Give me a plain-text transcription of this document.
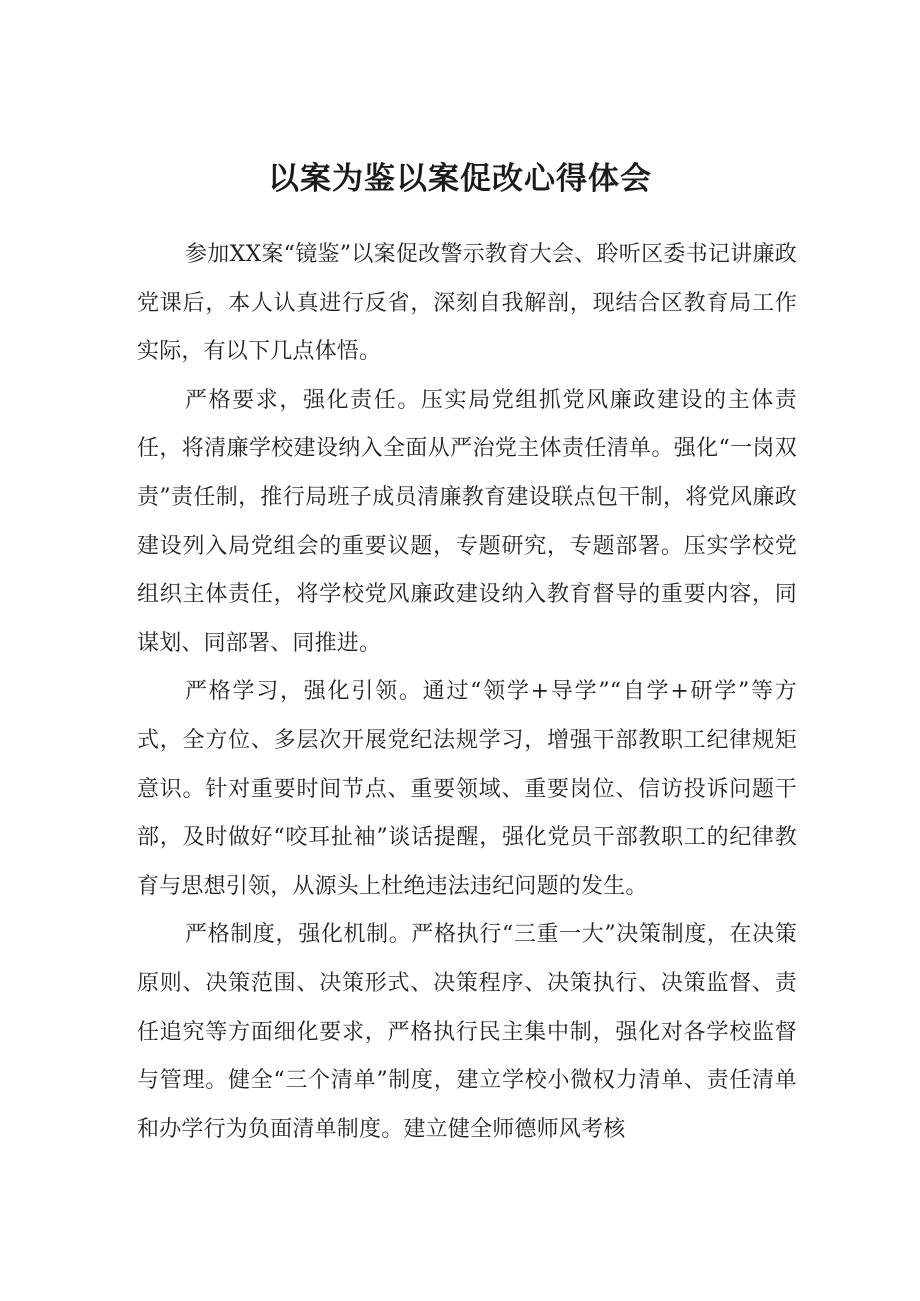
以案为鉴以案促改心得体会

参加XX案“镜鉴”以案促改警示教育大会、聆听区委书记讲廉政党课后，本人认真进行反省，深刻自我解剖，现结合区教育局工作实际，有以下几点体悟。

严格要求，强化责任。压实局党组抓党风廉政建设的主体责任，将清廉学校建设纳入全面从严治党主体责任清单。强化“一岗双责”责任制，推行局班子成员清廉教育建设联点包干制，将党风廉政建设列入局党组会的重要议题，专题研究，专题部署。压实学校党组织主体责任，将学校党风廉政建设纳入教育督导的重要内容，同谋划、同部署、同推进。

严格学习，强化引领。通过“领学+导学”“自学+研学”等方式，全方位、多层次开展党纪法规学习，增强干部教职工纪律规矩意识。针对重要时间节点、重要领域、重要岗位、信访投诉问题干部，及时做好“咬耳扯袖”谈话提醒，强化党员干部教职工的纪律教育与思想引领，从源头上杜绝违法违纪问题的发生。

严格制度，强化机制。严格执行“三重一大”决策制度，在决策原则、决策范围、决策形式、决策程序、决策执行、决策监督、责任追究等方面细化要求，严格执行民主集中制，强化对各学校监督与管理。健全“三个清单”制度，建立学校小微权力清单、责任清单和办学行为负面清单制度。建立健全师德师风考核
